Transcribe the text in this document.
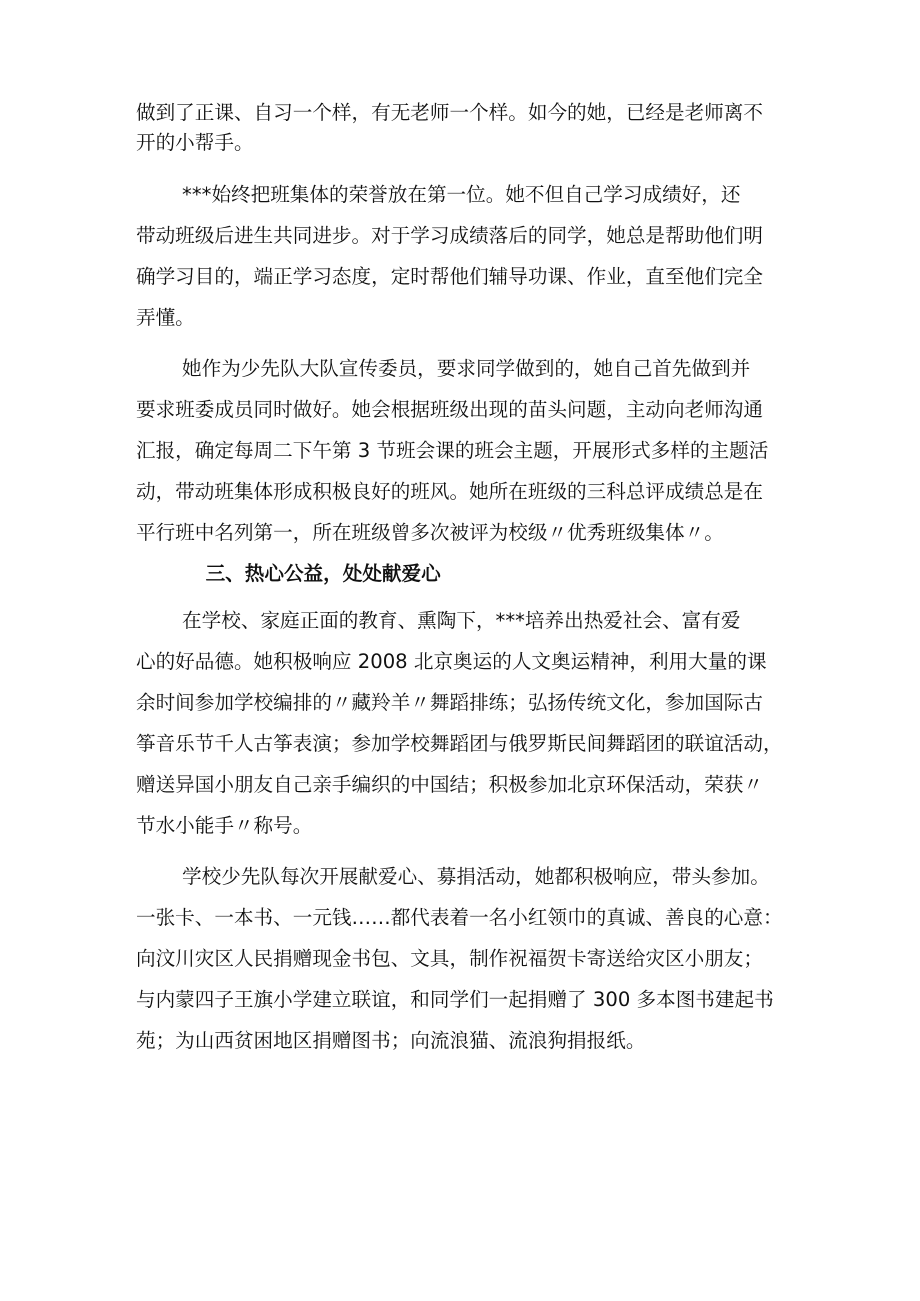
做到了正课、自习一个样，有无老师一个样。如今的她，已经是老师离不
开的小帮手。

***始终把班集体的荣誉放在第一位。她不但自己学习成绩好，还
带动班级后进生共同进步。对于学习成绩落后的同学，她总是帮助他们明
确学习目的，端正学习态度，定时帮他们辅导功课、作业，直至他们完全
弄懂。

她作为少先队大队宣传委员，要求同学做到的，她自己首先做到并
要求班委成员同时做好。她会根据班级出现的苗头问题，主动向老师沟通
汇报，确定每周二下午第 3 节班会课的班会主题，开展形式多样的主题活
动，带动班集体形成积极良好的班风。她所在班级的三科总评成绩总是在
平行班中名列第一，所在班级曾多次被评为校级〃优秀班级集体〃。

三、热心公益，处处献爱心

在学校、家庭正面的教育、熏陶下，***培养出热爱社会、富有爱
心的好品德。她积极响应 2008 北京奥运的人文奥运精神，利用大量的课
余时间参加学校编排的〃藏羚羊〃舞蹈排练；弘扬传统文化，参加国际古
筝音乐节千人古筝表演；参加学校舞蹈团与俄罗斯民间舞蹈团的联谊活动，
赠送异国小朋友自己亲手编织的中国结；积极参加北京环保活动，荣获〃
节水小能手〃称号。

学校少先队每次开展献爱心、募捐活动，她都积极响应，带头参加。
一张卡、一本书、一元钱……都代表着一名小红领巾的真诚、善良的心意：
向汶川灾区人民捐赠现金书包、文具，制作祝福贺卡寄送给灾区小朋友；
与内蒙四子王旗小学建立联谊，和同学们一起捐赠了 300 多本图书建起书
苑；为山西贫困地区捐赠图书；向流浪猫、流浪狗捐报纸。
